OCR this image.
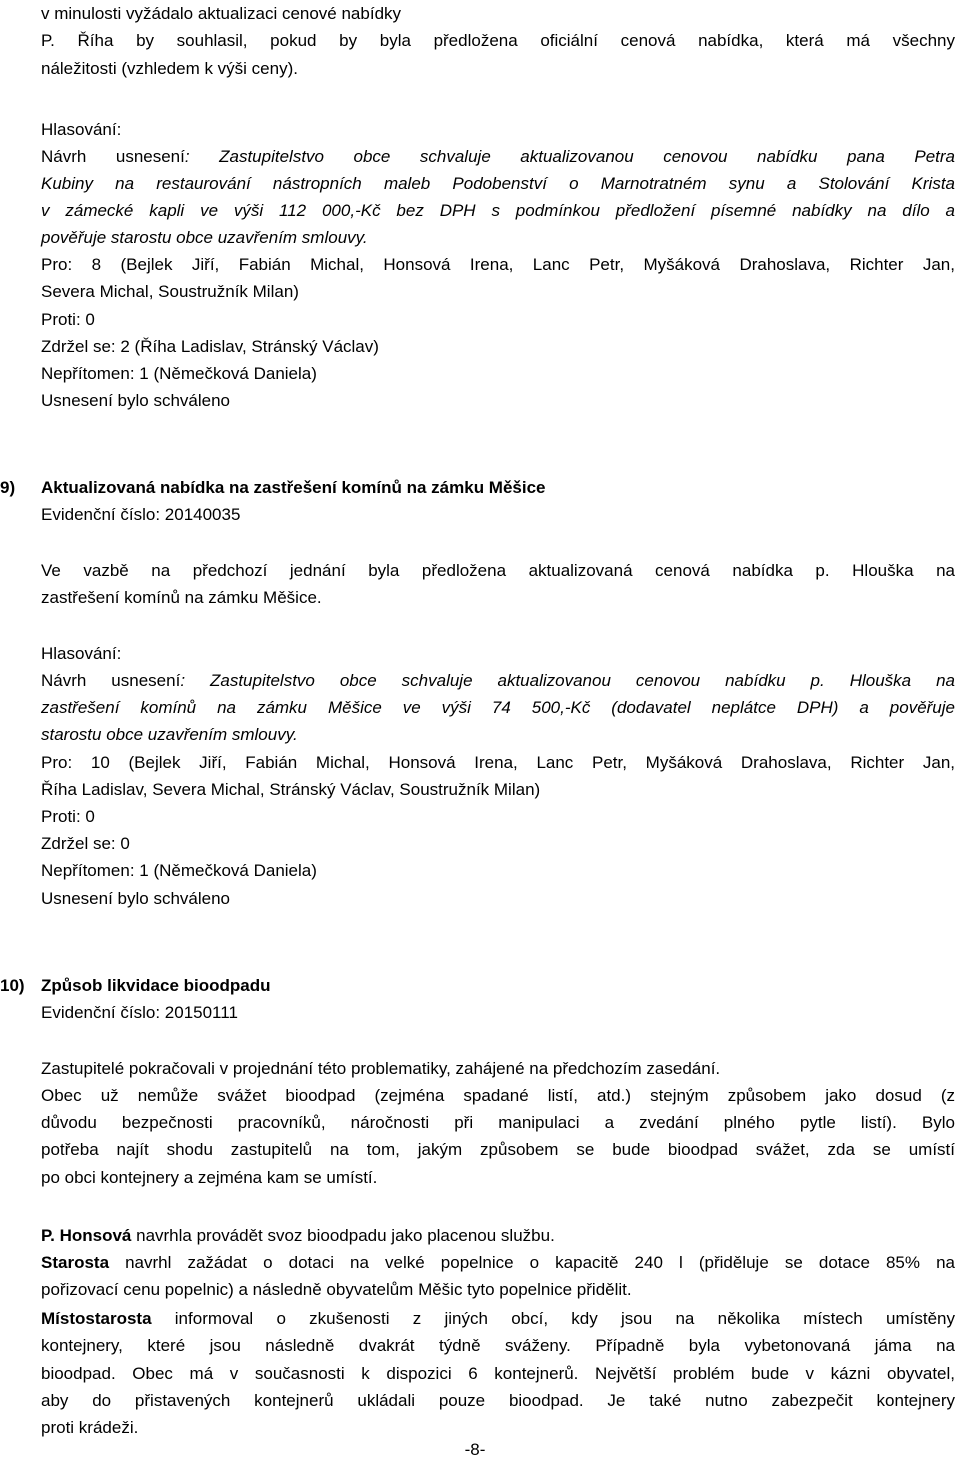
v minulosti vyžádalo aktualizaci cenové nabídky
P. Říha by souhlasil, pokud by byla předložena oficiální cenová nabídka, která má všechny
náležitosti (vzhledem k výši ceny).
Hlasování:
Návrh usnesení: Zastupitelstvo obce schvaluje aktualizovanou cenovou nabídku pana Petra
Kubiny na restaurování nástropních maleb Podobenství o Marnotratném synu a Stolování Krista
v zámecké kapli ve výši 112 000,-Kč bez DPH s podmínkou předložení písemné nabídky na dílo a
pověřuje starostu obce uzavřením smlouvy.
Pro: 8 (Bejlek Jiří, Fabián Michal, Honsová Irena, Lanc Petr, Myšáková Drahoslava, Richter Jan,
Severa Michal, Soustružník Milan)
Proti: 0
Zdržel se: 2 (Říha Ladislav, Stránský Václav)
Nepřítomen: 1 (Němečková Daniela)
Usnesení bylo schváleno
9) Aktualizovaná nabídka na zastřešení komínů na zámku Měšice
Evidenční číslo: 20140035
Ve vazbě na předchozí jednání byla předložena aktualizovaná cenová nabídka p. Hlouška na
zastřešení komínů na zámku Měšice.
Hlasování:
Návrh usnesení: Zastupitelstvo obce schvaluje aktualizovanou cenovou nabídku p. Hlouška na
zastřešení komínů na zámku Měšice ve výši 74 500,-Kč (dodavatel neplátce DPH) a pověřuje
starostu obce uzavřením smlouvy.
Pro: 10 (Bejlek Jiří, Fabián Michal, Honsová Irena, Lanc Petr, Myšáková Drahoslava, Richter Jan,
Říha Ladislav, Severa Michal, Stránský Václav, Soustružník Milan)
Proti: 0
Zdržel se: 0
Nepřítomen: 1 (Němečková Daniela)
Usnesení bylo schváleno
10) Způsob likvidace bioodpadu
Evidenční číslo: 20150111
Zastupitelé pokračovali v projednání této problematiky, zahájené na předchozím zasedání.
Obec už nemůže svážet bioodpad (zejména spadané listí, atd.) stejným způsobem jako dosud (z
důvodu bezpečnosti pracovníků, náročnosti při manipulaci a zvedání plného pytle listí). Bylo
potřeba najít shodu zastupitelů na tom, jakým způsobem se bude bioodpad svážet, zda se umístí
po obci kontejnery a zejména kam se umístí.
P. Honsová navrhla provádět svoz bioodpadu jako placenou službu.
Starosta navrhl zažádat o dotaci na velké popelnice o kapacitě 240 l (přiděluje se dotace 85% na
pořizovací cenu popelnic) a následně obyvatelům Měšic tyto popelnice přidělit.
Místostarosta informoval o zkušenosti z jiných obcí, kdy jsou na několika místech umístěny
kontejnery, které jsou následně dvakrát týdně sváženy. Případně byla vybetonovaná jáma na
bioodpad. Obec má v současnosti k dispozici 6 kontejnerů. Největší problém bude v kázni obyvatel,
aby do přistavených kontejnerů ukládali pouze bioodpad. Je také nutno zabezpečit kontejnery
proti krádeži.
-8-
